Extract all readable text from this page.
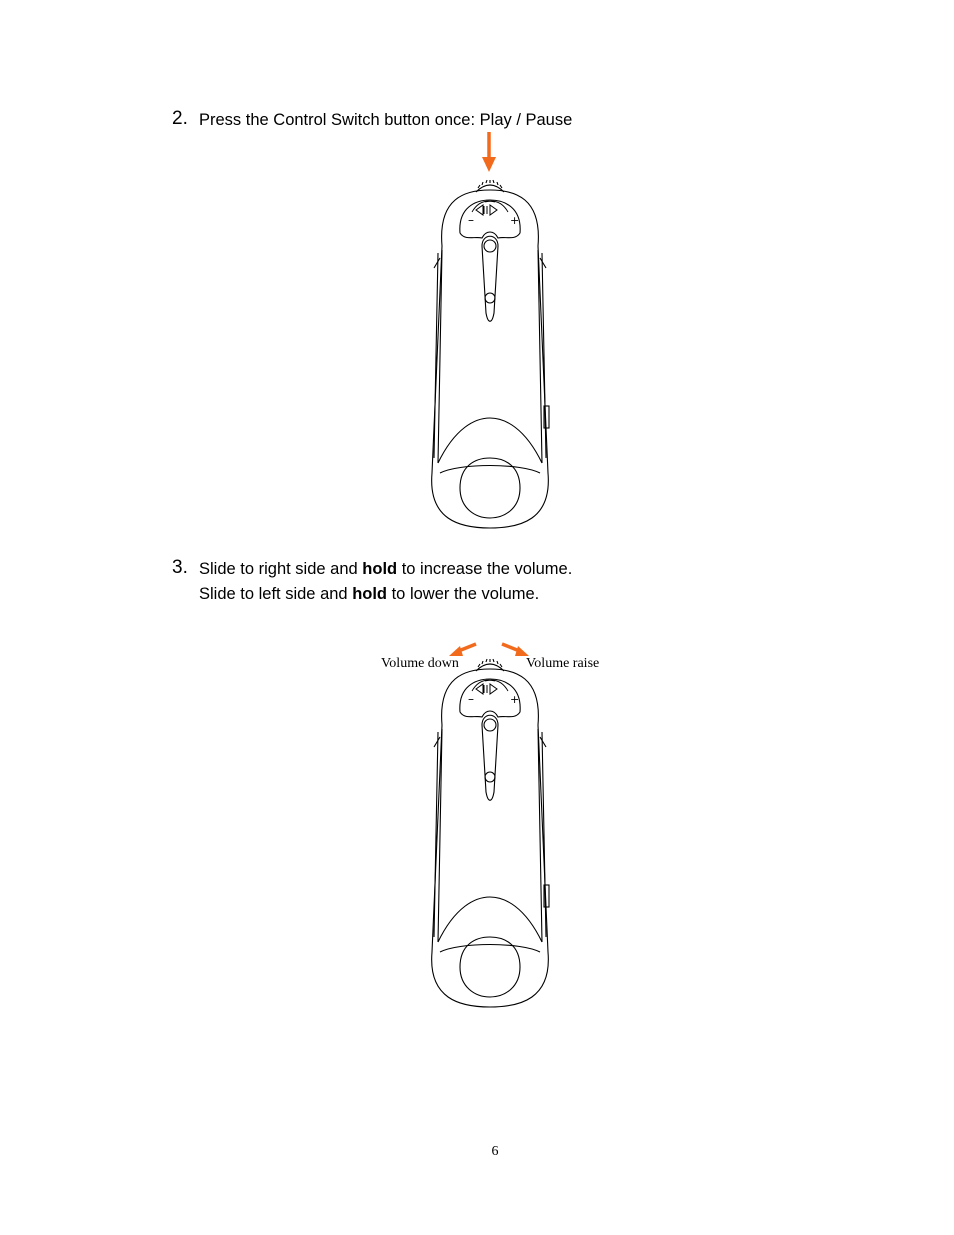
2. Press the Control Switch button once: Play / Pause
–	+
3. Slide to right side and hold to increase the volume.
Slide to left side and hold to lower the volume.
–	+
Volume down	Volume raise
6
